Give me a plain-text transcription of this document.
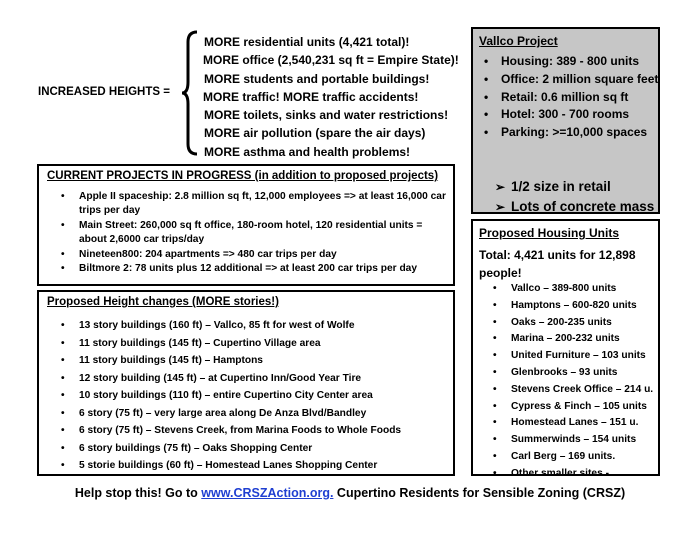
INCREASED HEIGHTS =
MORE residential units (4,421 total)!
MORE office (2,540,231 sq ft = Empire State)!
MORE students and portable buildings!
MORE traffic! MORE traffic accidents!
MORE toilets, sinks and water restrictions!
MORE air pollution (spare the air days)
MORE asthma and health problems!
Vallco Project
• Housing: 389 - 800 units
• Office: 2 million square feet
• Retail: 0.6 million sq ft
• Hotel: 300 - 700 rooms
• Parking: >=10,000 spaces
➢ 1/2 size in retail
➢ Lots of concrete mass
CURRENT PROJECTS IN PROGRESS (in addition to proposed projects)
• Apple II spaceship: 2.8 million sq ft, 12,000 employees => at least 16,000 car trips per day
• Main Street: 260,000 sq ft office, 180-room hotel, 120 residential units = about 2,6000 car trips/day
• Nineteen800: 204 apartments => 480 car trips per day
• Biltmore 2: 78 units plus 12 additional => at least 200 car trips per day
Proposed Height changes (MORE stories!)
• 13 story buildings (160 ft) – Vallco, 85 ft for west of Wolfe
• 11 story buildings (145 ft) – Cupertino Village area
• 11 story buildings (145 ft) – Hamptons
• 12 story building (145 ft) – at Cupertino Inn/Good Year Tire
• 10 story buildings (110 ft) – entire Cupertino City Center area
• 6 story (75 ft) – very large area along De Anza Blvd/Bandley
• 6 story (75 ft) – Stevens Creek, from Marina Foods to Whole Foods
• 6 story buildings (75 ft) – Oaks Shopping Center
• 5 storie buildings (60 ft) – Homestead Lanes Shopping Center
Proposed Housing Units
Total: 4,421 units for 12,898 people!
• Vallco – 389-800 units
• Hamptons – 600-820 units
• Oaks – 200-235 units
• Marina – 200-232 units
• United Furniture – 103 units
• Glenbrooks – 93 units
• Stevens Creek Office – 214 u.
• Cypress & Finch – 105 units
• Homestead Lanes – 151 u.
• Summerwinds – 154 units
• Carl Berg – 169 units.
• Other smaller sites -
Help stop this! Go to www.CRSZAction.org. Cupertino Residents for Sensible Zoning (CRSZ)
